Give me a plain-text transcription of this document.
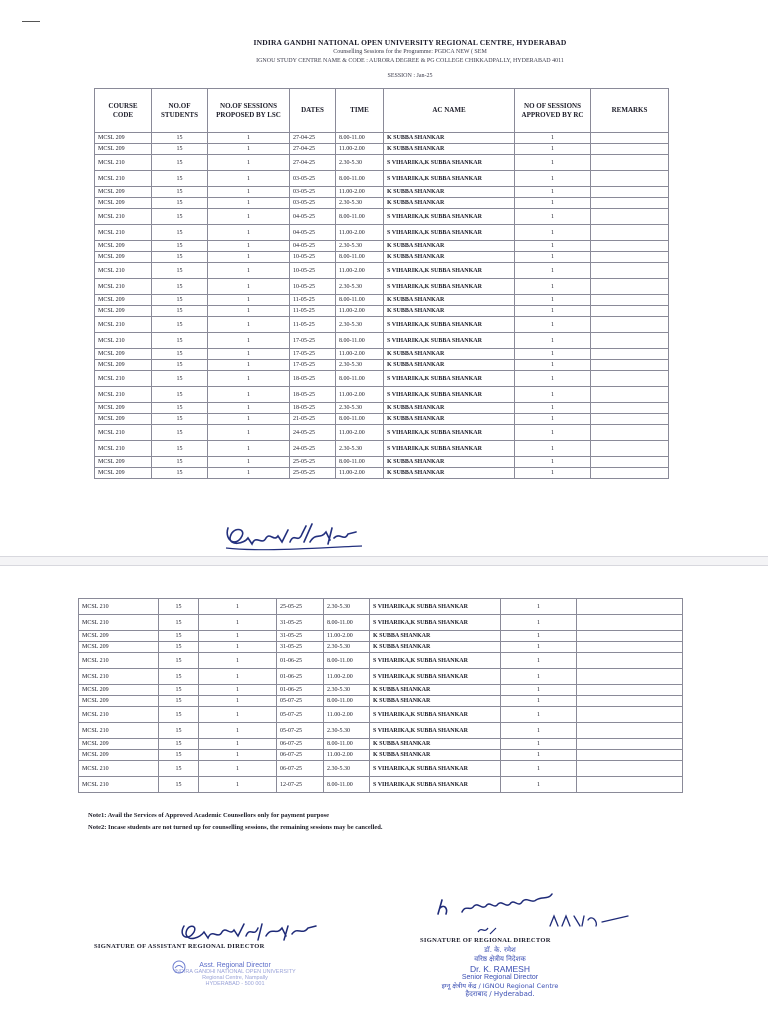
INDIRA GANDHI NATIONAL OPEN UNIVERSITY REGIONAL CENTRE, HYDERABAD
Counselling Sessions for the Programme: PGDCA NEW ( SEM
IGNOU STUDY CENTRE NAME & CODE : AURORA DEGREE & PG COLLEGE CHIKKADPALLY, HYDERABAD 4011
SESSION : Jan-25
COURSE CODE	NO.OF STUDENTS	NO.OF SESSIONS PROPOSED BY LSC	DATES	TIME	AC NAME	NO OF SESSIONS APPROVED BY RC	REMARKS
MCSL 209	15	1	27-04-25	8.00-11.00	K SUBBA SHANKAR	1	
MCSL 209	15	1	27-04-25	11.00-2.00	K SUBBA SHANKAR	1	
MCSL 210	15	1	27-04-25	2.30-5.30	S VIHARIKA,K SUBBA SHANKAR	1	
MCSL 210	15	1	03-05-25	8.00-11.00	S VIHARIKA,K SUBBA SHANKAR	1	
MCSL 209	15	1	03-05-25	11.00-2.00	K SUBBA SHANKAR	1	
MCSL 209	15	1	03-05-25	2.30-5.30	K SUBBA SHANKAR	1	
MCSL 210	15	1	04-05-25	8.00-11.00	S VIHARIKA,K SUBBA SHANKAR	1	
MCSL 210	15	1	04-05-25	11.00-2.00	S VIHARIKA,K SUBBA SHANKAR	1	
MCSL 209	15	1	04-05-25	2.30-5.30	K SUBBA SHANKAR	1	
MCSL 209	15	1	10-05-25	8.00-11.00	K SUBBA SHANKAR	1	
MCSL 210	15	1	10-05-25	11.00-2.00	S VIHARIKA,K SUBBA SHANKAR	1	
MCSL 210	15	1	10-05-25	2.30-5.30	S VIHARIKA,K SUBBA SHANKAR	1	
MCSL 209	15	1	11-05-25	8.00-11.00	K SUBBA SHANKAR	1	
MCSL 209	15	1	11-05-25	11.00-2.00	K SUBBA SHANKAR	1	
MCSL 210	15	1	11-05-25	2.30-5.30	S VIHARIKA,K SUBBA SHANKAR	1	
MCSL 210	15	1	17-05-25	8.00-11.00	S VIHARIKA,K SUBBA SHANKAR	1	
MCSL 209	15	1	17-05-25	11.00-2.00	K SUBBA SHANKAR	1	
MCSL 209	15	1	17-05-25	2.30-5.30	K SUBBA SHANKAR	1	
MCSL 210	15	1	18-05-25	8.00-11.00	S VIHARIKA,K SUBBA SHANKAR	1	
MCSL 210	15	1	18-05-25	11.00-2.00	S VIHARIKA,K SUBBA SHANKAR	1	
MCSL 209	15	1	18-05-25	2.30-5.30	K SUBBA SHANKAR	1	
MCSL 209	15	1	21-05-25	8.00-11.00	K SUBBA SHANKAR	1	
MCSL 210	15	1	24-05-25	11.00-2.00	S VIHARIKA,K SUBBA SHANKAR	1	
MCSL 210	15	1	24-05-25	2.30-5.30	S VIHARIKA,K SUBBA SHANKAR	1	
MCSL 209	15	1	25-05-25	8.00-11.00	K SUBBA SHANKAR	1	
MCSL 209	15	1	25-05-25	11.00-2.00	K SUBBA SHANKAR	1	
MCSL 210	15	1	25-05-25	2.30-5.30	S VIHARIKA,K SUBBA SHANKAR	1	
MCSL 210	15	1	31-05-25	8.00-11.00	S VIHARIKA,K SUBBA SHANKAR	1	
MCSL 209	15	1	31-05-25	11.00-2.00	K SUBBA SHANKAR	1	
MCSL 209	15	1	31-05-25	2.30-5.30	K SUBBA SHANKAR	1	
MCSL 210	15	1	01-06-25	8.00-11.00	S VIHARIKA,K SUBBA SHANKAR	1	
MCSL 210	15	1	01-06-25	11.00-2.00	S VIHARIKA,K SUBBA SHANKAR	1	
MCSL 209	15	1	01-06-25	2.30-5.30	K SUBBA SHANKAR	1	
MCSL 209	15	1	05-07-25	8.00-11.00	K SUBBA SHANKAR	1	
MCSL 210	15	1	05-07-25	11.00-2.00	S VIHARIKA,K SUBBA SHANKAR	1	
MCSL 210	15	1	05-07-25	2.30-5.30	S VIHARIKA,K SUBBA SHANKAR	1	
MCSL 209	15	1	06-07-25	8.00-11.00	K SUBBA SHANKAR	1	
MCSL 209	15	1	06-07-25	11.00-2.00	K SUBBA SHANKAR	1	
MCSL 210	15	1	06-07-25	2.30-5.30	S VIHARIKA,K SUBBA SHANKAR	1	
MCSL 210	15	1	12-07-25	8.00-11.00	S VIHARIKA,K SUBBA SHANKAR	1	
Note1: Avail the Services of Approved Academic Counsellors only for payment purpose
Note2: Incase students are not turned up for counselling sessions, the remaining sessions may be cancelled.
SIGNATURE OF ASSISTANT REGIONAL DIRECTOR
Asst. Regional Director
INDIRA GANDHI NATIONAL OPEN UNIVERSITY
Regional Centre, Nampally
HYDERABAD - 500 001
SIGNATURE OF REGIONAL DIRECTOR
डॉ. के. रमेश
वरिष्ठ क्षेत्रीय निदेशक
Dr. K. RAMESH
Senior Regional Director
इग्नू क्षेत्रीय केंद्र / IGNOU Regional Centre
हैदराबाद / Hyderabad.
